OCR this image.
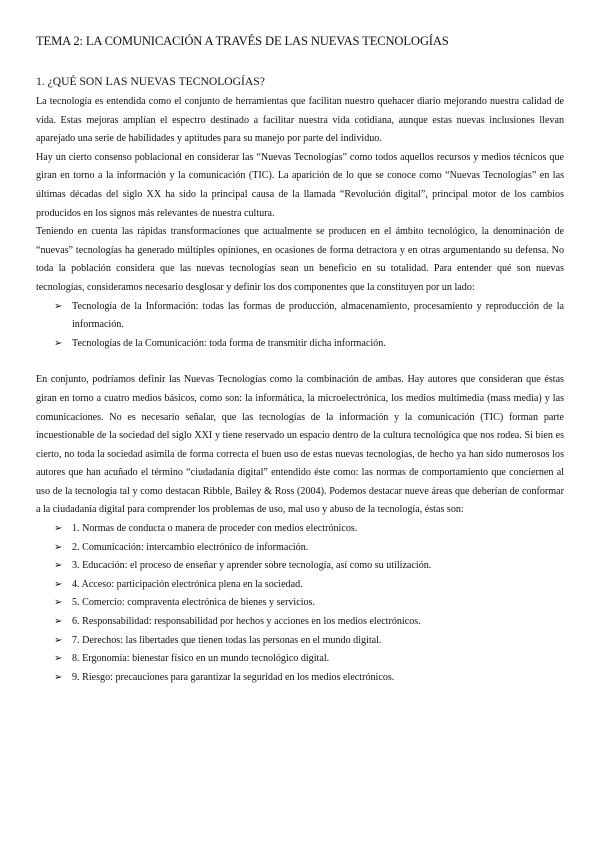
TEMA 2: LA COMUNICACIÓN A TRAVÉS DE LAS NUEVAS TECNOLOGÍAS
1. ¿QUÉ SON LAS NUEVAS TECNOLOGÍAS?

La tecnología es entendida como el conjunto de herramientas que facilitan nuestro quehacer diario mejorando nuestra calidad de vida. Estas mejoras amplían el espectro destinado a facilitar nuestra vida cotidiana, aunque estas nuevas inclusiones llevan aparejado una serie de habilidades y aptitudes para su manejo por parte del individuo.

Hay un cierto consenso poblacional en considerar las “Nuevas Tecnologías” como todos aquellos recursos y medios técnicos que giran en torno a la información y la comunicación (TIC). La aparición de lo que se conoce como “Nuevas Tecnologías” en las últimas décadas del siglo XX ha sido la principal causa de la llamada “Revolución digital”, principal motor de los cambios producidos en los signos más relevantes de nuestra cultura.

Teniendo en cuenta las rápidas transformaciones que actualmente se producen en el ámbito tecnológico, la denominación de “nuevas” tecnologías ha generado múltiples opiniones, en ocasiones de forma detractora y en otras argumentando su defensa. No toda la población considera que las nuevas tecnologías sean un beneficio en su totalidad. Para entender qué son nuevas tecnologías, consideramos necesario desglosar y definir los dos componentes que la constituyen por un lado:

➢ Tecnología de la Información: todas las formas de producción, almacenamiento, procesamiento y reproducción de la información.
➢ Tecnologías de la Comunicación: toda forma de transmitir dicha información.

En conjunto, podríamos definir las Nuevas Tecnologías como la combinación de ambas. Hay autores que consideran que éstas giran en torno a cuatro medios básicos, como son: la informática, la microelectrónica, los medios multimedia (mass media) y las comunicaciones. No es necesario señalar, que las tecnologías de la información y la comunicación (TIC) forman parte incuestionable de la sociedad del siglo XXI y tiene reservado un espacio dentro de la cultura tecnológica que nos rodea. Si bien es cierto, no toda la sociedad asimila de forma correcta el buen uso de estas nuevas tecnologías, de hecho ya han sido numerosos los autores que han acuñado el término “ciudadanía digital” entendido éste como: las normas de comportamiento que conciernen al uso de la tecnología tal y como destacan Ribble, Bailey & Ross (2004). Podemos destacar nueve áreas que deberían de conformar a la ciudadanía digital para comprender los problemas de uso, mal uso y abuso de la tecnología, éstas son:

➢ 1. Normas de conducta o manera de proceder con medios electrónicos.
➢ 2. Comunicación: intercambio electrónico de información.
➢ 3. Educación: el proceso de enseñar y aprender sobre tecnología, así como su utilización.
➢ 4. Acceso: participación electrónica plena en la sociedad.
➢ 5. Comercio: compraventa electrónica de bienes y servicios.
➢ 6. Responsabilidad: responsabilidad por hechos y acciones en los medios electrónicos.
➢ 7. Derechos: las libertades que tienen todas las personas en el mundo digital.
➢ 8. Ergonomía: bienestar físico en un mundo tecnológico digital.
➢ 9. Riesgo: precauciones para garantizar la seguridad en los medios electrónicos.
